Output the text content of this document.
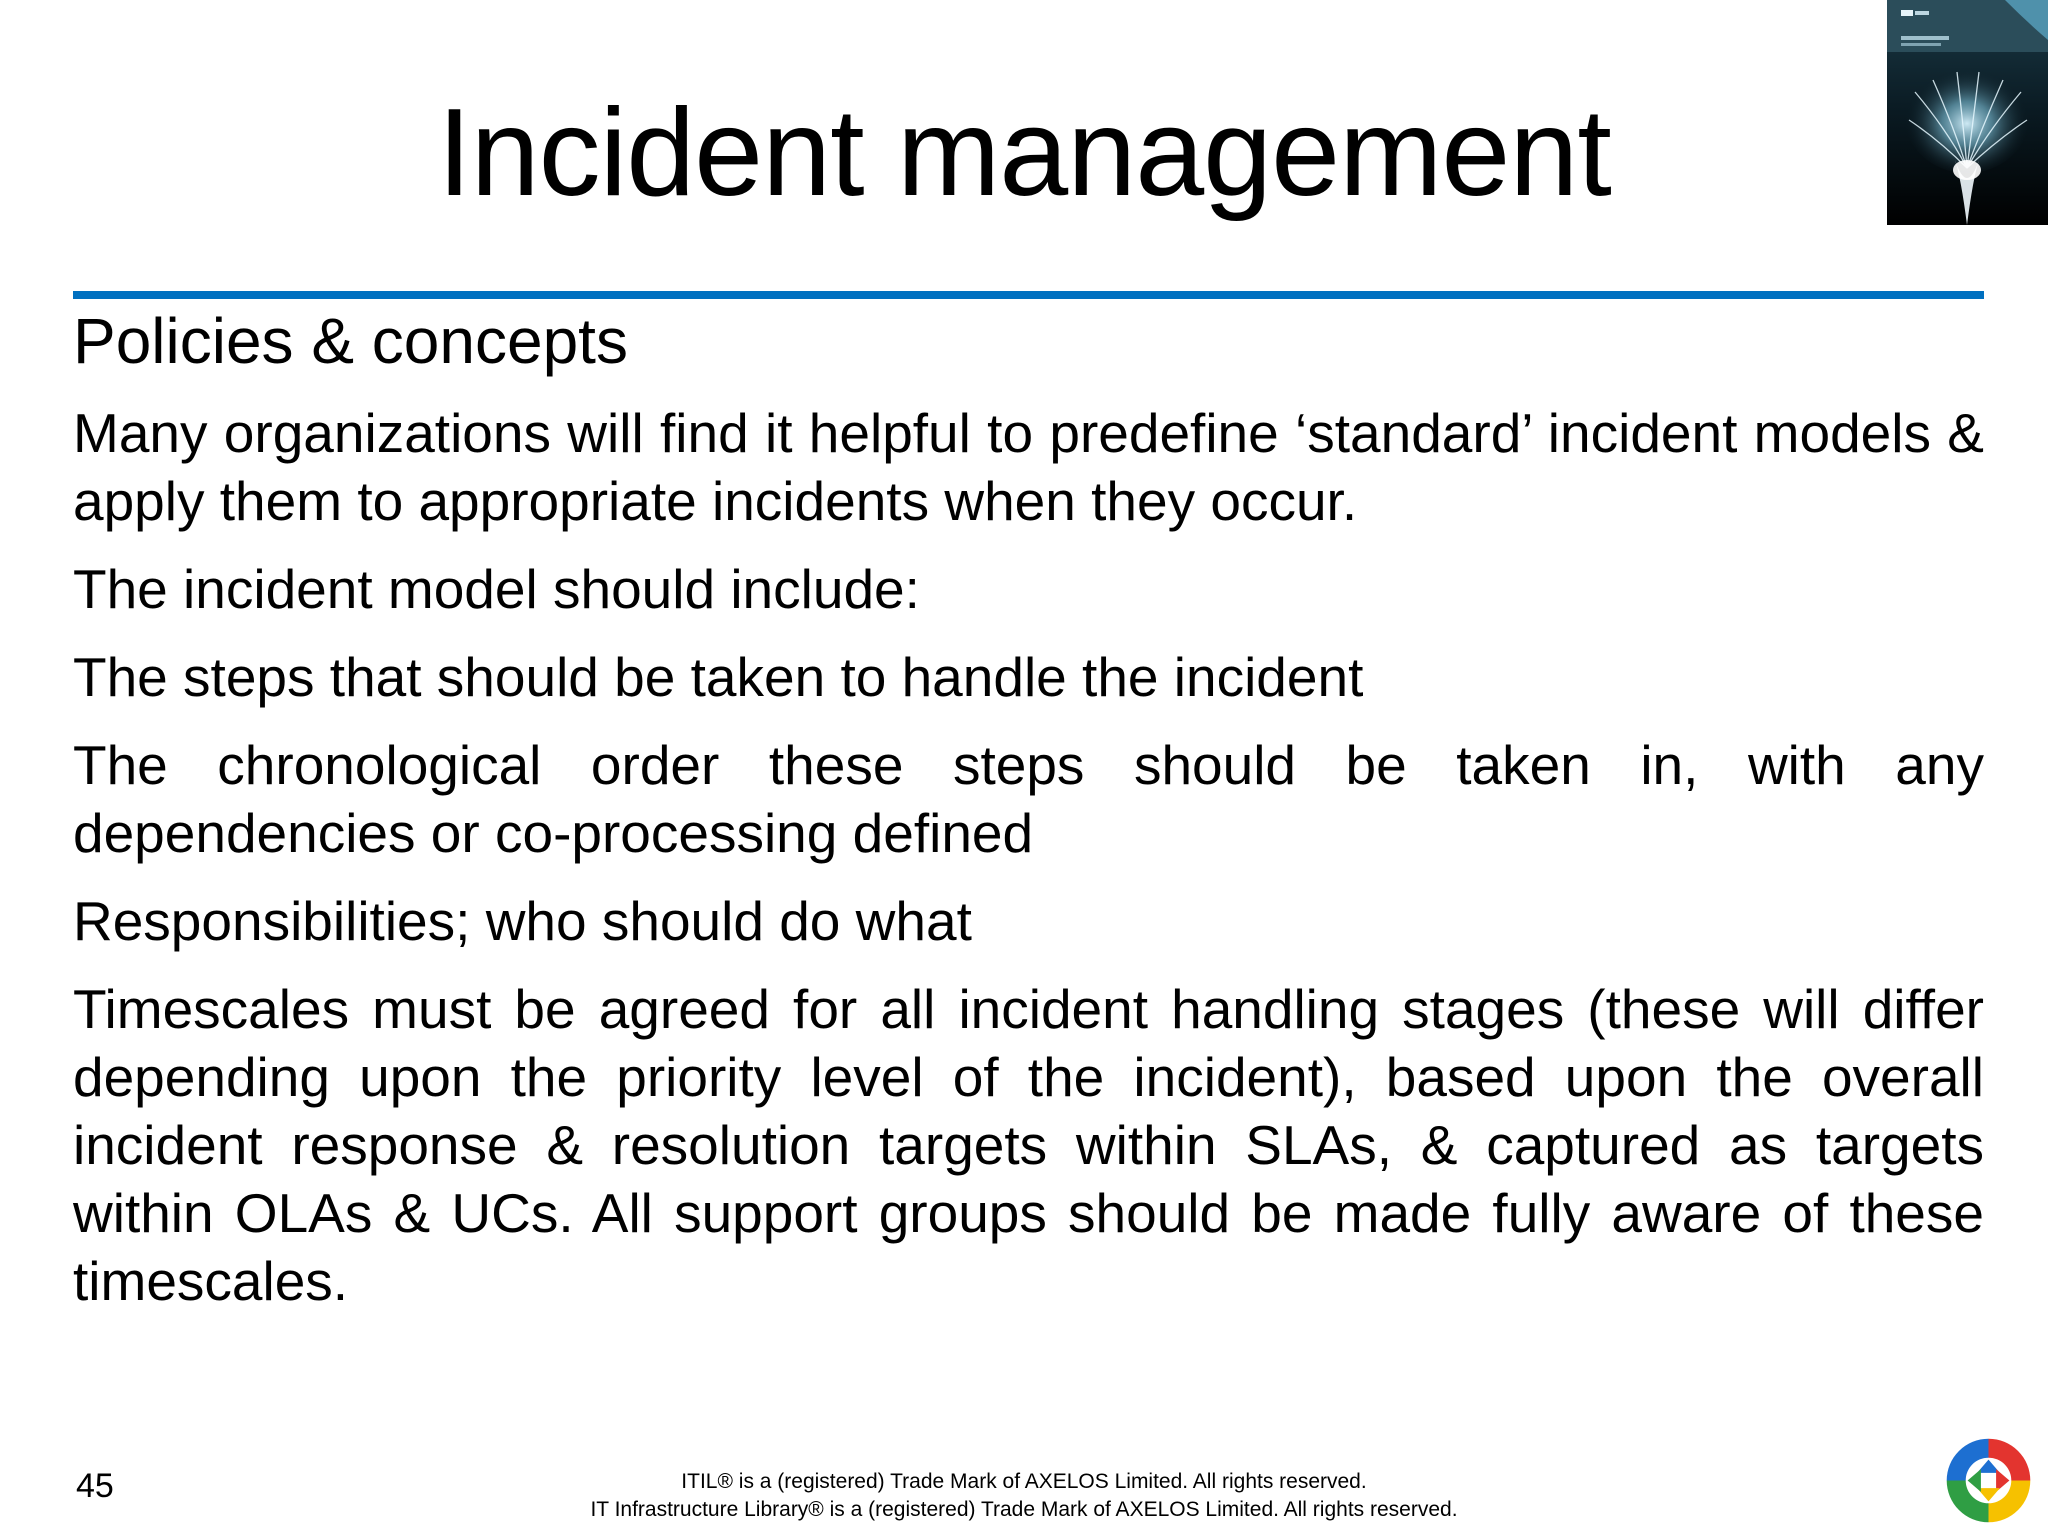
Incident management
Policies & concepts

Many organizations will find it helpful to predefine ‘standard’ incident models & apply them to appropriate incidents when they occur.

The incident model should include:

The steps that should be taken to handle the incident

The chronological order these steps should be taken in, with any dependencies or co-processing defined

Responsibilities; who should do what

Timescales must be agreed for all incident handling stages (these will differ depending upon the priority level of the incident), based upon the overall incident response & resolution targets within SLAs, & captured as targets within OLAs & UCs. All support groups should be made fully aware of these timescales.

45	ITIL® is a (registered) Trade Mark of AXELOS Limited. All rights reserved.
IT Infrastructure Library® is a (registered) Trade Mark of AXELOS Limited. All rights reserved.
